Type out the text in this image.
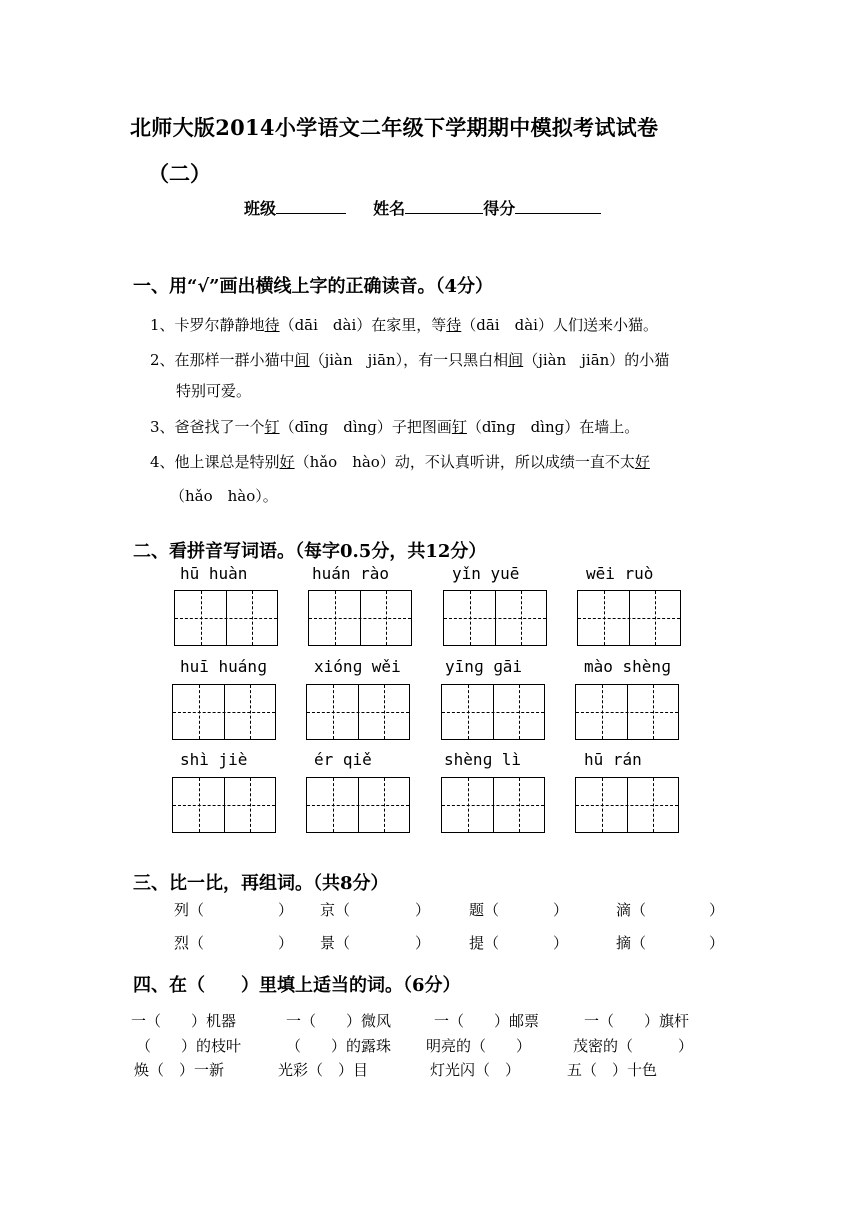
北师大版2014小学语文二年级下学期期中模拟考试试卷
（二）
班级	姓名	得分
一、用“√”画出横线上字的正确读音。（4分）
1、卡罗尔静静地待（dāi　dài）在家里，等待（dāi　dài）人们送来小猫。
2、在那样一群小猫中间（jiàn　jiān），有一只黑白相间（jiàn　jiān）的小猫
特别可爱。
3、爸爸找了一个钉（dīnɡ　dìnɡ）子把图画钉（dīnɡ　dìnɡ）在墙上。
4、他上课总是特别好（hǎo　hào）动，不认真听讲，所以成绩一直不太好
（hǎo　hào）。
二、看拼音写词语。（每字0.5分，共12分）
hū huàn	huán rào	yǐn yuē	wēi ruò
huī huánɡ	xiónɡ wěi	yīnɡ ɡāi	mào shènɡ
shì jiè	ér qiě	shènɡ lì	hū rán
三、比一比，再组词。（共8分）
列（	） 京（	）	题（	）	滴（	）
烈（	） 景（	）	提（	）	摘（	）
四、在（　　）里填上适当的词。（6分）
一（　　）机器	一（　　）微风	一（　　）邮票	一（　　）旗杆
（　　）的枝叶	（　　）的露珠 明亮的（　　）	茂密的（　　　）
焕（　）一新	光彩（　）目	灯光闪（　）	五（　）十色
